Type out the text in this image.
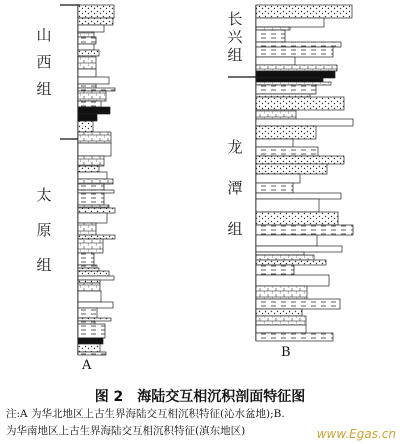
山
西
组
太
原
组
长
兴
组
龙
潭
组
A
B
图 2　海陆交互相沉积剖面特征图
注:A 为华北地区上古生界海陆交互相沉积特征(沁水盆地);B.
为华南地区上古生界海陆交互相沉积特征(滇东地区)	www.Egas.cn
